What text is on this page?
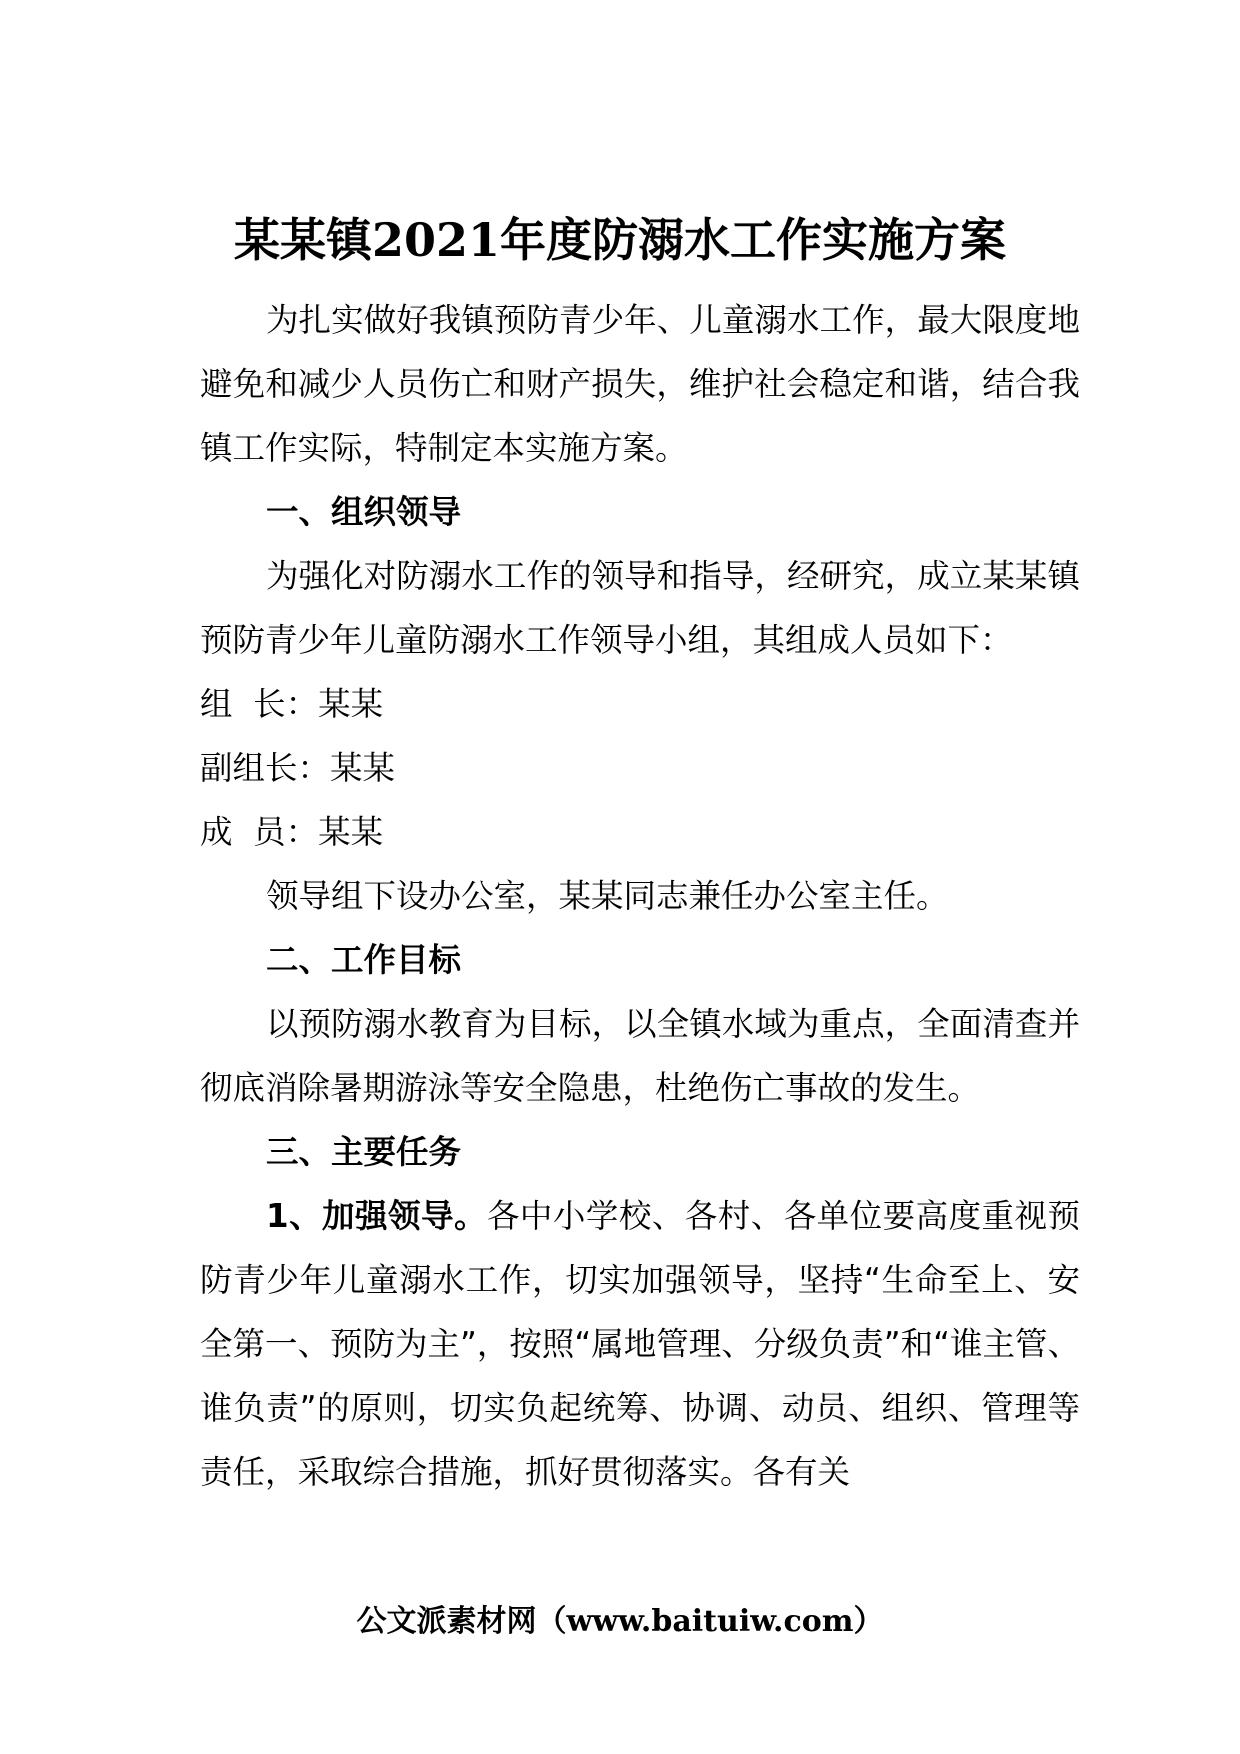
某某镇2021年度防溺水工作实施方案

为扎实做好我镇预防青少年、儿童溺水工作，最大限度地避免和减少人员伤亡和财产损失，维护社会稳定和谐，结合我镇工作实际，特制定本实施方案。

一、组织领导

为强化对防溺水工作的领导和指导，经研究，成立某某镇预防青少年儿童防溺水工作领导小组，其组成人员如下：

组  长：某某

副组长：某某

成  员：某某

领导组下设办公室，某某同志兼任办公室主任。

二、工作目标

以预防溺水教育为目标，以全镇水域为重点，全面清查并彻底消除暑期游泳等安全隐患，杜绝伤亡事故的发生。

三、主要任务

1、加强领导。各中小学校、各村、各单位要高度重视预防青少年儿童溺水工作，切实加强领导，坚持“生命至上、安全第一、预防为主”，按照“属地管理、分级负责”和“谁主管、谁负责”的原则，切实负起统筹、协调、动员、组织、管理等责任，采取综合措施，抓好贯彻落实。各有关

公文派素材网（www.baituiw.com）
